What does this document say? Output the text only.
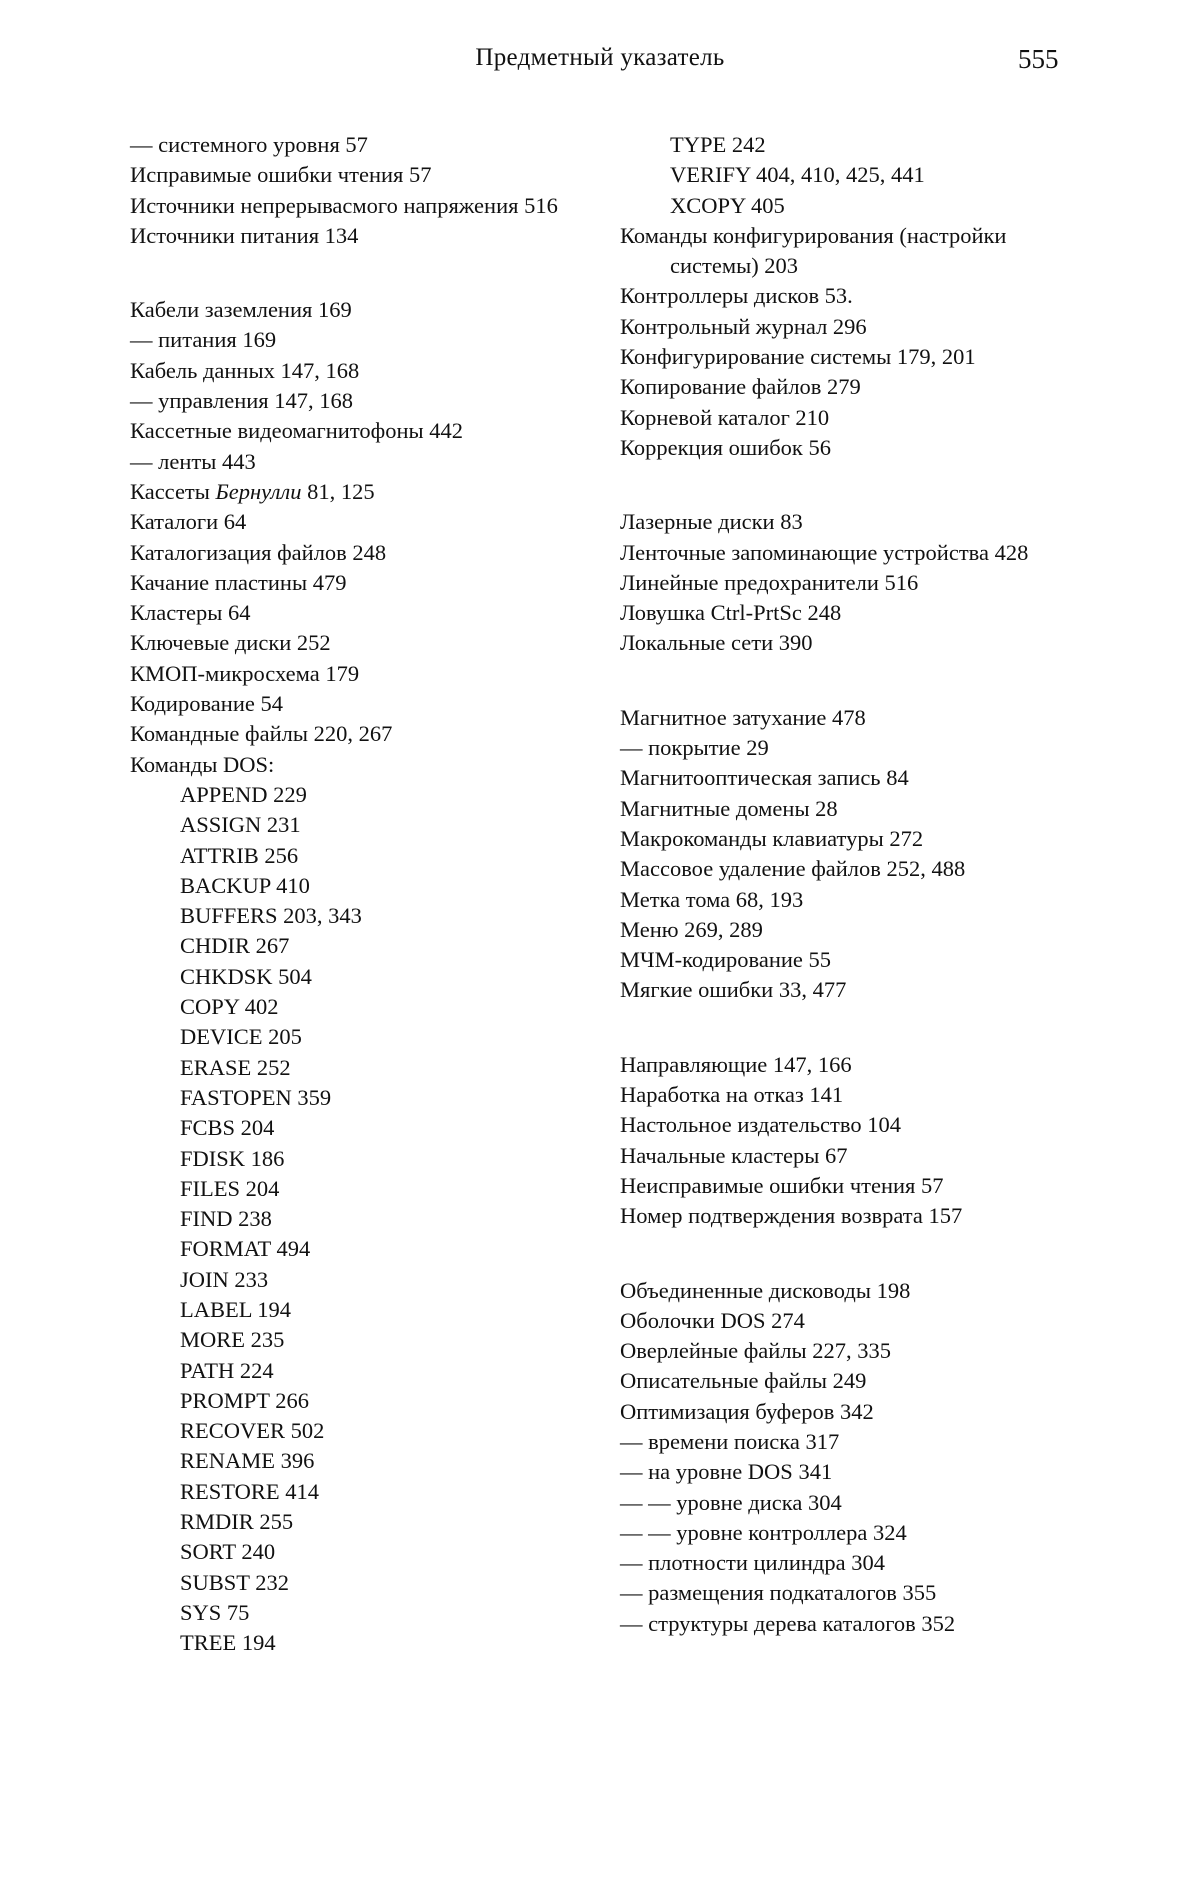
Предметный указатель	555
— системного уровня 57
Исправимые ошибки чтения 57
Источники непрерывасмого напряжения 516
Источники питания 134
Кабели заземления 169
— питания 169
Кабель данных 147, 168
— управления 147, 168
Кассетные видеомагнитофоны 442
— ленты 443
Кассеты Бернулли 81, 125
Каталоги 64
Каталогизация файлов 248
Качание пластины 479
Кластеры 64
Ключевые диски 252
КМОП-микросхема 179
Кодирование 54
Командные файлы 220, 267
Команды DOS:
APPEND 229
ASSIGN 231
ATTRIB 256
BACKUP 410
BUFFERS 203, 343
CHDIR 267
CHKDSK 504
COPY 402
DEVICE 205
ERASE 252
FASTOPEN 359
FCBS 204
FDISK 186
FILES 204
FIND 238
FORMAT 494
JOIN 233
LABEL 194
MORE 235
PATH 224
PROMPT 266
RECOVER 502
RENAME 396
RESTORE 414
RMDIR 255
SORT 240
SUBST 232
SYS 75
TREE 194
TYPE 242
VERIFY 404, 410, 425, 441
XCOPY 405
Команды конфигурирования (настройки системы) 203
Контроллеры дисков 53.
Контрольный журнал 296
Конфигурирование системы 179, 201
Копирование файлов 279
Корневой каталог 210
Коррекция ошибок 56
Лазерные диски 83
Ленточные запоминающие устройства 428
Линейные предохранители 516
Ловушка Ctrl-PrtSc 248
Локальные сети 390
Магнитное затухание 478
— покрытие 29
Магнитооптическая запись 84
Магнитные домены 28
Макрокоманды клавиатуры 272
Массовое удаление файлов 252, 488
Метка тома 68, 193
Меню 269, 289
МЧМ-кодирование 55
Мягкие ошибки 33, 477
Направляющие 147, 166
Наработка на отказ 141
Настольное издательство 104
Начальные кластеры 67
Неисправимые ошибки чтения 57
Номер подтверждения возврата 157
Объединенные дисководы 198
Оболочки DOS 274
Оверлейные файлы 227, 335
Описательные файлы 249
Оптимизация буферов 342
— времени поиска 317
— на уровне DOS 341
— — уровне диска 304
— — уровне контроллера 324
— плотности цилиндра 304
— размещения подкаталогов 355
— структуры дерева каталогов 352
